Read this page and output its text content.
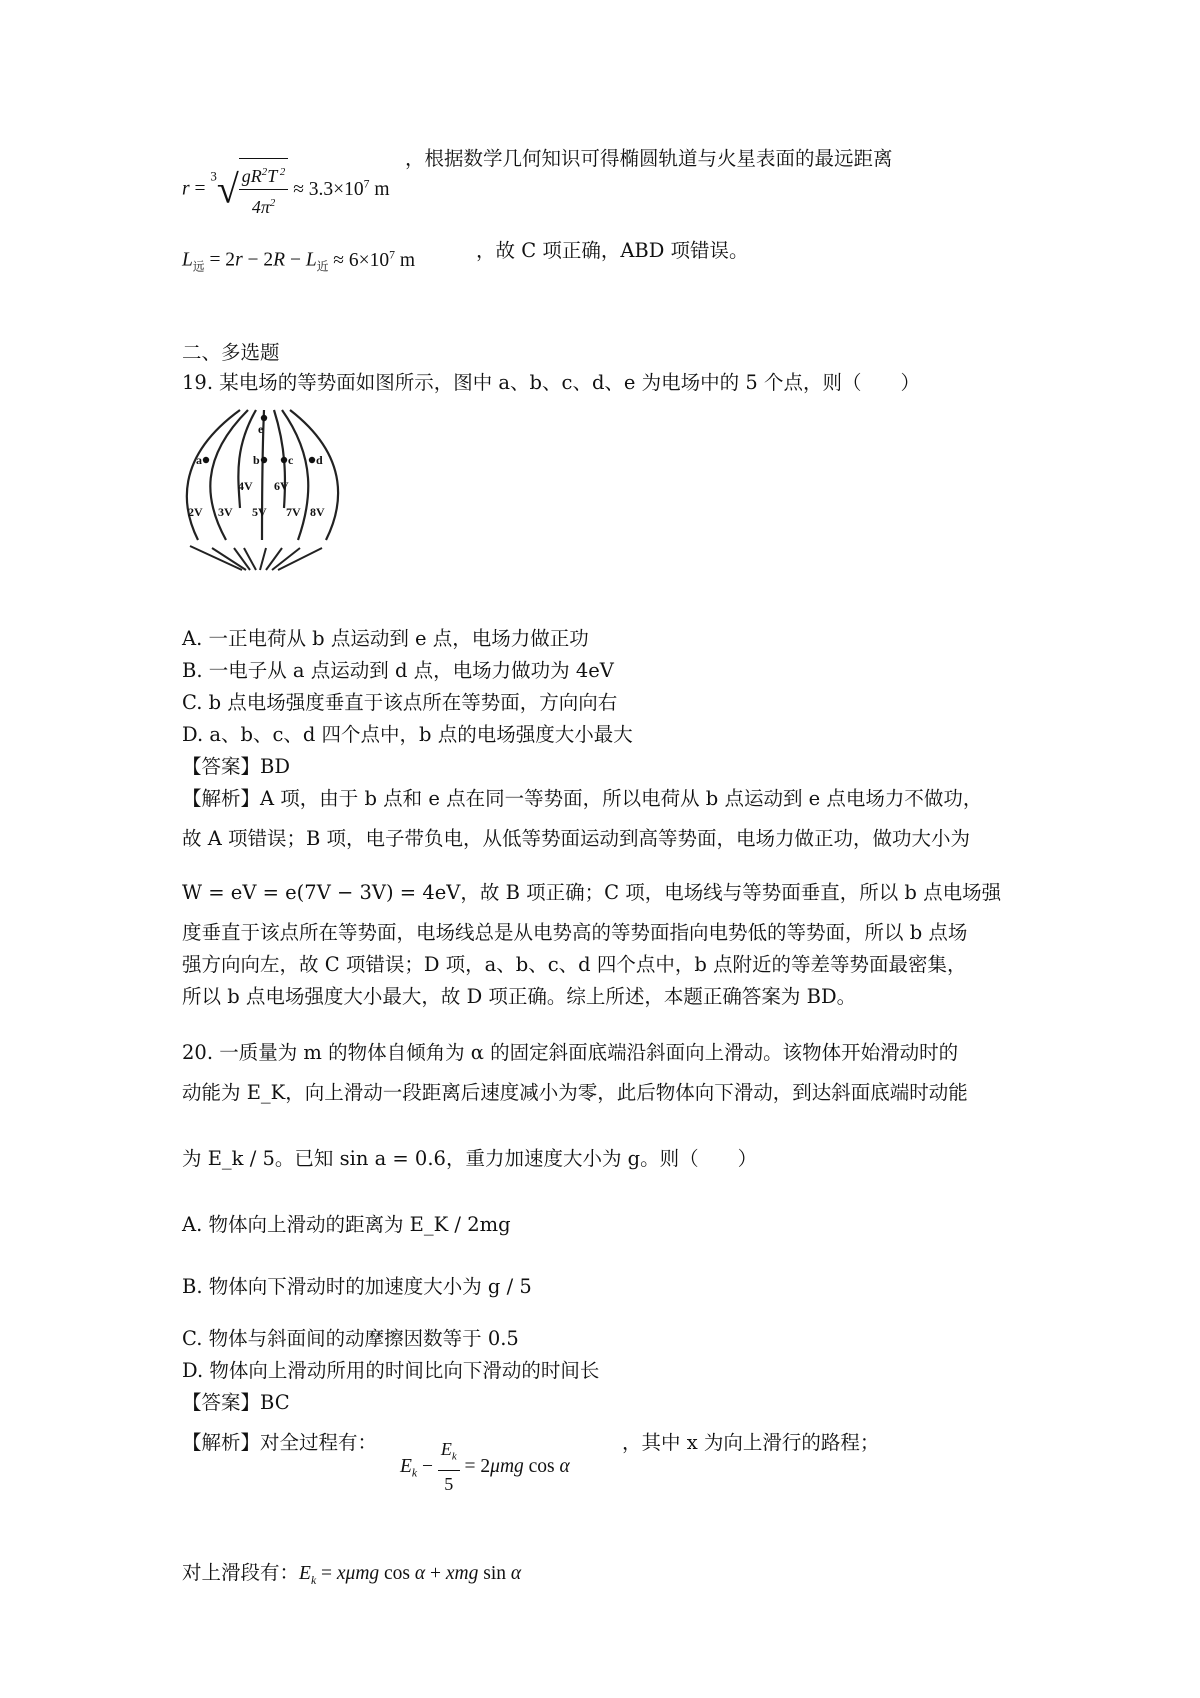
$r = ^3√ \frac{gR^2T ^2}{4\pi^2} \approx 3.3\times 10^7$ m
，根据数学几何知识可得椭圆轨道与火星表面的最远距离
$L_远 = 2r - 2R - L_近 \approx 6\times 10^7$ m	，故 C 项正确，ABD 项错误。
二、多选题
19. 某电场的等势面如图所示，图中 a、b、c、d、e 为电场中的 5 个点，则（　　）
a	b c d
e
4V 6V
2V 3V 5V 7V 8V
A. 一正电荷从 b 点运动到 e 点，电场力做正功
B. 一电子从 a 点运动到 d 点，电场力做功为 4eV
C. b 点电场强度垂直于该点所在等势面，方向向右
D. a、b、c、d 四个点中，b 点的电场强度大小最大
【答案】BD
【解析】A 项，由于 b 点和 e 点在同一等势面，所以电荷从 b 点运动到 e 点电场力不做功，
故 A 项错误；B 项，电子带负电，从低等势面运动到高等势面，电场力做正功，做功大小为
W = eV = e(7V − 3V) = 4eV，故 B 项正确；C 项，电场线与等势面垂直，所以 b 点电场强
度垂直于该点所在等势面，电场线总是从电势高的等势面指向电势低的等势面，所以 b 点场
强方向向左，故 C 项错误；D 项，a、b、c、d 四个点中，b 点附近的等差等势面最密集，
所以 b 点电场强度大小最大，故 D 项正确。综上所述，本题正确答案为 BD。
20. 一质量为 m 的物体自倾角为 α 的固定斜面底端沿斜面向上滑动。该物体开始滑动时的
动能为 E_K，向上滑动一段距离后速度减小为零，此后物体向下滑动，到达斜面底端时动能
为 E_k / 5。已知 sin a = 0.6，重力加速度大小为 g。则（　　）
A. 物体向上滑动的距离为 E_K / 2mg
B. 物体向下滑动时的加速度大小为 g / 5
C. 物体与斜面间的动摩擦因数等于 0.5
D. 物体向上滑动所用的时间比向下滑动的时间长
【答案】BC
【解析】对全过程有：
$E_k - \frac{E_k}{5} = 2\mu mg$ cos α
，其中 x 为向上滑行的路程；
对上滑段有：$E_k = x\mu mg$ cos α + xmg sin α
